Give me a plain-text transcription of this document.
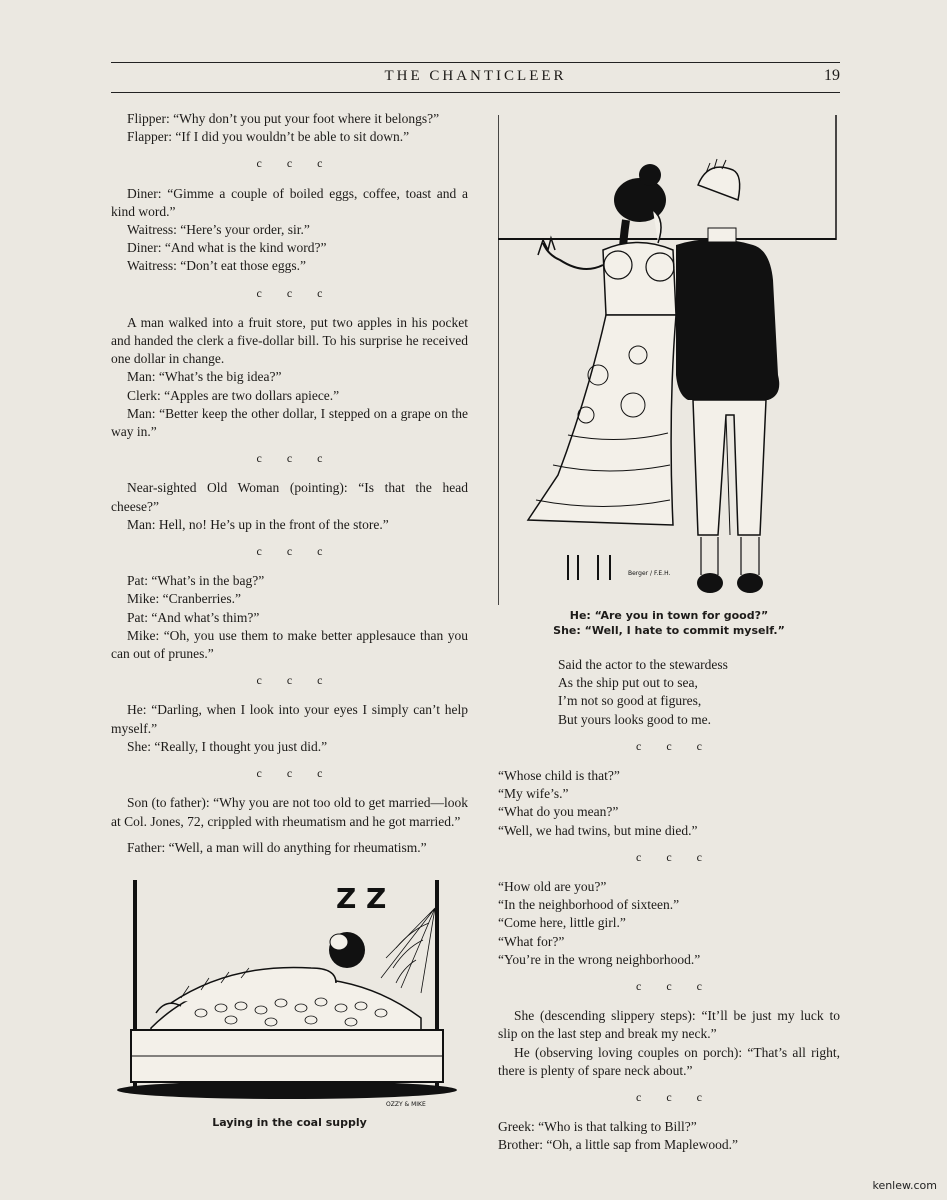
THE CHANTICLEER	19

Flipper: “Why don’t you put your foot where it belongs?”

Flapper: “If I did you wouldn’t be able to sit down.”

c c c

Diner: “Gimme a couple of boiled eggs, coffee, toast and a kind word.”

Waitress: “Here’s your order, sir.”

Diner: “And what is the kind word?”

Waitress: “Don’t eat those eggs.”

c c c

A man walked into a fruit store, put two apples in his pocket and handed the clerk a five-dollar bill. To his surprise he received one dollar in change.

Man: “What’s the big idea?”

Clerk: “Apples are two dollars apiece.”

Man: “Better keep the other dollar, I stepped on a grape on the way in.”

c c c

Near-sighted Old Woman (pointing): “Is that the head cheese?”

Man: Hell, no! He’s up in the front of the store.”

c c c

Pat: “What’s in the bag?”

Mike: “Cranberries.”

Pat: “And what’s thim?”

Mike: “Oh, you use them to make better applesauce than you can out of prunes.”

c c c

He: “Darling, when I look into your eyes I simply can’t help myself.”

She: “Really, I thought you just did.”

c c c

Son (to father): “Why you are not too old to get married—look at Col. Jones, 72, crippled with rheumatism and he got married.”

Father: “Well, a man will do anything for rheumatism.”

Berger / F.E.H.
He: “Are you in town for good?”
She: “Well, I hate to commit myself.”
Said the actor to the stewardess
As the ship put out to sea,
I’m not so good at figures,
But yours looks good to me.
c c c

“Whose child is that?”

“My wife’s.”

“What do you mean?”

“Well, we had twins, but mine died.”

c c c

“How old are you?”

“In the neighborhood of sixteen.”

“Come here, little girl.”

“What for?”

“You’re in the wrong neighborhood.”

c c c

She (descending slippery steps): “It’ll be just my luck to slip on the last step and break my neck.”

He (observing loving couples on porch): “That’s all right, there is plenty of spare neck about.”

c c c

Greek: “Who is that talking to Bill?”

Brother: “Oh, a little sap from Maplewood.”

Z Z
OZZY & MIKE
Laying in the coal supply
kenlew.com
